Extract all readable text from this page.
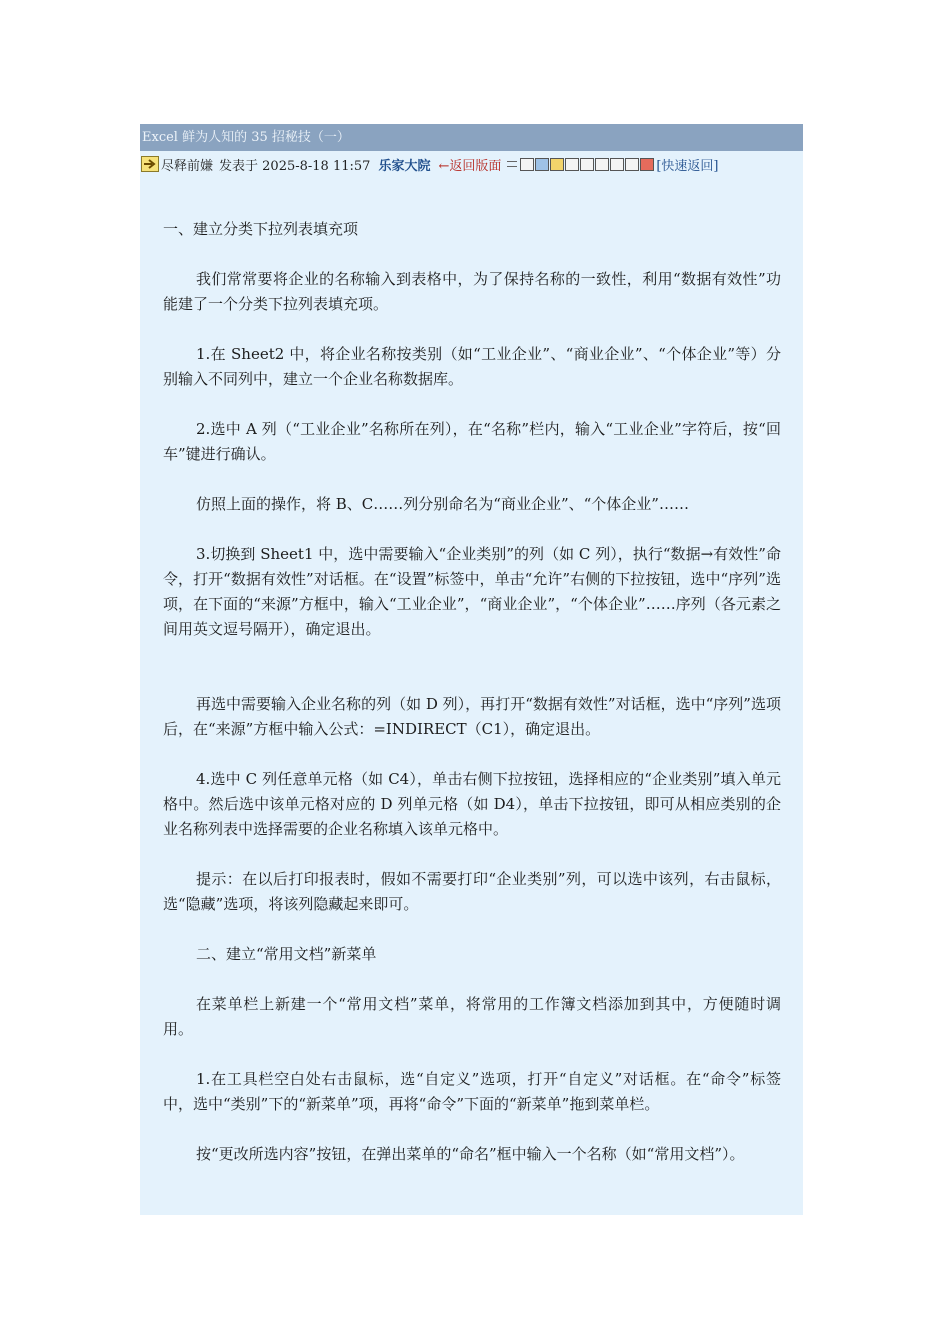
Excel 鲜为人知的 35 招秘技（一）
尽释前嫌 发表于 2025-8-18 11:57 乐家大院 ←返回版面	[快速返回]

一、建立分类下拉列表填充项

我们常常要将企业的名称输入到表格中，为了保持名称的一致性，利用“数据有效性”功能建了一个分类下拉列表填充项。

1.在 Sheet2 中，将企业名称按类别（如“工业企业”、“商业企业”、“个体企业”等）分别输入不同列中，建立一个企业名称数据库。

2.选中 A 列（“工业企业”名称所在列），在“名称”栏内，输入“工业企业”字符后，按“回车”键进行确认。

仿照上面的操作，将 B、C……列分别命名为“商业企业”、“个体企业”……

3.切换到 Sheet1 中，选中需要输入“企业类别”的列（如 C 列），执行“数据→有效性”命令，打开“数据有效性”对话框。在“设置”标签中，单击“允许”右侧的下拉按钮，选中“序列”选项，在下面的“来源”方框中，输入“工业企业”，“商业企业”，“个体企业”……序列（各元素之间用英文逗号隔开），确定退出。

再选中需要输入企业名称的列（如 D 列），再打开“数据有效性”对话框，选中“序列”选项后，在“来源”方框中输入公式：=INDIRECT（C1），确定退出。

4.选中 C 列任意单元格（如 C4），单击右侧下拉按钮，选择相应的“企业类别”填入单元格中。然后选中该单元格对应的 D 列单元格（如 D4），单击下拉按钮，即可从相应类别的企业名称列表中选择需要的企业名称填入该单元格中。

提示：在以后打印报表时，假如不需要打印“企业类别”列，可以选中该列，右击鼠标，选“隐藏”选项，将该列隐藏起来即可。

二、建立“常用文档”新菜单

在菜单栏上新建一个“常用文档”菜单，将常用的工作簿文档添加到其中，方便随时调用。

1.在工具栏空白处右击鼠标，选“自定义”选项，打开“自定义”对话框。在“命令”标签中，选中“类别”下的“新菜单”项，再将“命令”下面的“新菜单”拖到菜单栏。

按“更改所选内容”按钮，在弹出菜单的“命名”框中输入一个名称（如“常用文档”）。
